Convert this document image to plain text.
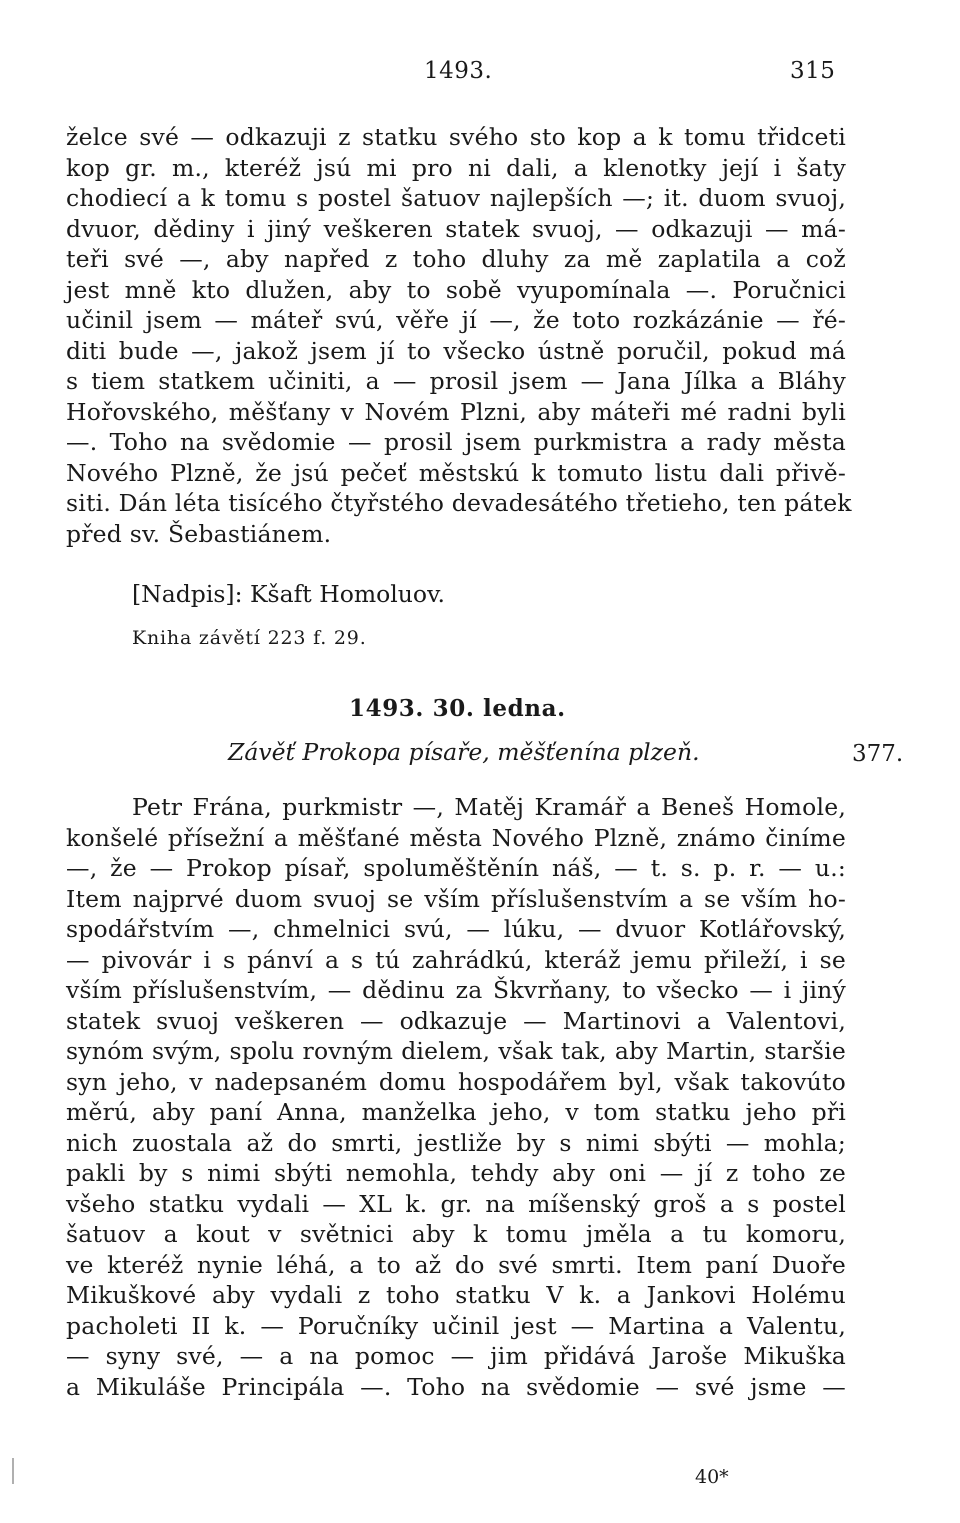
1493.	315
želce své — odkazuji z statku svého sto kop a k tomu třidceti
kop gr. m., kteréž jsú mi pro ni dali, a klenotky její i šaty
chodiecí a k tomu s postel šatuov najlepších —; it. duom svuoj,
dvuor, dědiny i jiný veškeren statek svuoj, — odkazuji — má-
teři své —, aby napřed z toho dluhy za mě zaplatila a což
jest mně kto dlužen, aby to sobě vyupomínala —. Poručnici
učinil jsem — máteř svú, věře jí —, že toto rozkázánie — řé-
diti bude —, jakož jsem jí to všecko ústně poručil, pokud má
s tiem statkem učiniti, a — prosil jsem — Jana Jílka a Bláhy
Hořovského, měšťany v Novém Plzni, aby máteři mé radni byli
—. Toho na svědomie — prosil jsem purkmistra a rady města
Nového Plzně, že jsú pečeť městskú k tomuto listu dali přivě-
siti. Dán léta tisícého čtyřstého devadesátého třetieho, ten pátek
před sv. Šebastiánem.
[Nadpis]: Kšaft Homoluov.
Kniha závětí 223 f. 29.
1493. 30. ledna.
Závěť Prokopa písaře, měšťenína plzeň.	377.
Petr Frána, purkmistr —, Matěj Kramář a Beneš Homole,
konšelé přísežní a měšťané města Nového Plzně, známo činíme
—, že — Prokop písař, spoluměštěnín náš, — t. s. p. r. — u.:
Item najprvé duom svuoj se vším příslušenstvím a se vším ho-
spodářstvím —, chmelnici svú, — lúku, — dvuor Kotlářovský,
— pivovár i s pánví a s tú zahrádkú, kteráž jemu přileží, i se
vším příslušenstvím, — dědinu za Škvrňany, to všecko — i jiný
statek svuoj veškeren — odkazuje — Martinovi a Valentovi,
synóm svým, spolu rovným dielem, však tak, aby Martin, staršie
syn jeho, v nadepsaném domu hospodářem byl, však takovúto
měrú, aby paní Anna, manželka jeho, v tom statku jeho při
nich zuostala až do smrti, jestliže by s nimi sbýti — mohla;
pakli by s nimi sbýti nemohla, tehdy aby oni — jí z toho ze
všeho statku vydali — XL k. gr. na míšenský groš a s postel
šatuov a kout v světnici aby k tomu jměla a tu komoru,
ve kteréž nynie léhá, a to až do své smrti. Item paní Duoře
Mikuškové aby vydali z toho statku V k. a Jankovi Holému
pacholeti II k. — Poručníky učinil jest — Martina a Valentu,
— syny své, — a na pomoc — jim přidává Jaroše Mikuška
a Mikuláše Principála —. Toho na svědomie — své jsme —
40*
